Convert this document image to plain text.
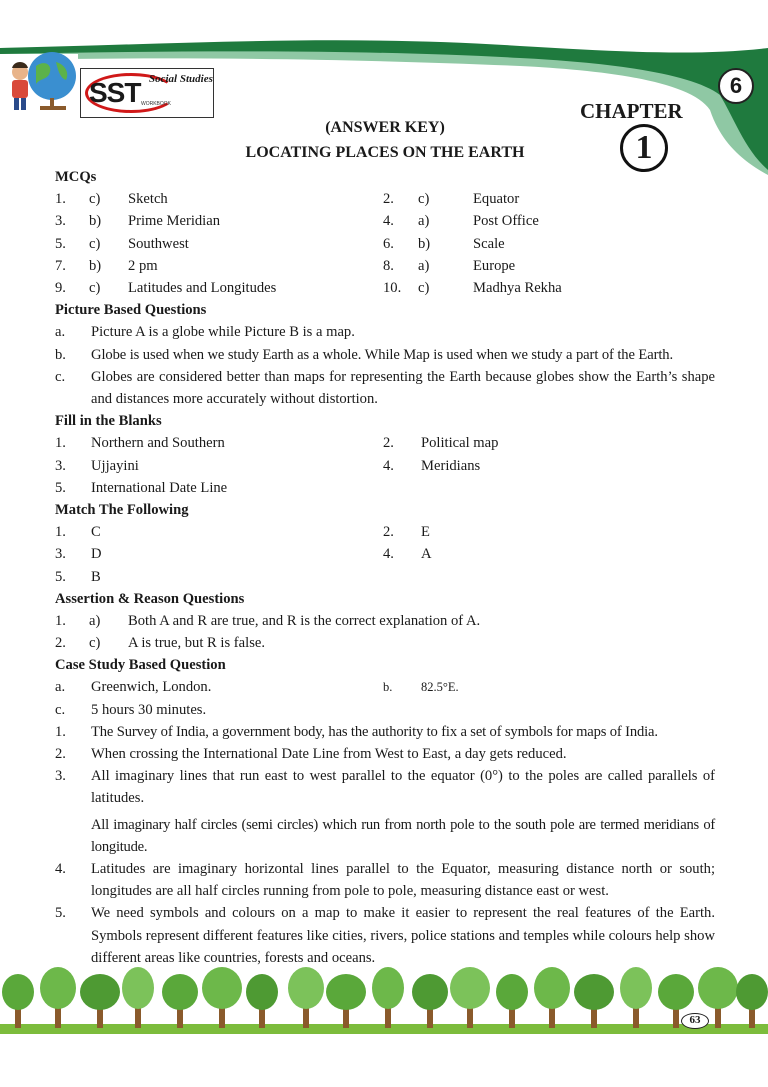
SST Social Studies
WORKBOOK
6
CHAPTER
1
(ANSWER KEY)
LOCATING PLACES ON THE EARTH
MCQs
1. c) Sketch	2. c)	Equator
3. b) Prime Meridian	4. a)	Post Office
5. c) Southwest	6. b)	Scale
7. b) 2 pm	8. a)	Europe
9. c) Latitudes and Longitudes	10. c)	Madhya Rekha
Picture Based Questions
a.	Picture A is a globe while Picture B is a map.
b.	Globe is used when we study Earth as a whole. While Map is used when we study a part of the Earth.
c.	Globes are considered better than maps for representing the Earth because globes show the Earth’s shape and distances more accurately without distortion.
Fill in the Blanks
1. Northern and Southern	2. Political map
3. Ujjayini	4. Meridians
5. International Date Line
Match The Following
1. C	2. E
3. D	4. A
5. B
Assertion & Reason Questions
1. a) Both A and R are true, and R is the correct explanation of A.
2. c) A is true, but R is false.
Case Study Based Question
a. Greenwich, London.	b. 82.5°E.
c. 5 hours 30 minutes.
1.	The Survey of India, a government body, has the authority to fix a set of symbols for maps of India.
2.	When crossing the International Date Line from West to East, a day gets reduced.
3.	All imaginary lines that run east to west parallel to the equator (0°) to the poles are called parallels of latitudes.
All imaginary half circles (semi circles) which run from north pole to the south pole are termed meridians of longitude.
4.	Latitudes are imaginary horizontal lines parallel to the Equator, measuring distance north or south; longitudes are all half circles running from pole to pole, measuring distance east or west.
5.	We need symbols and colours on a map to make it easier to represent the real features of the Earth. Symbols represent different features like cities, rivers, police stations and temples while colours help show different areas like countries, forests and oceans.
63
